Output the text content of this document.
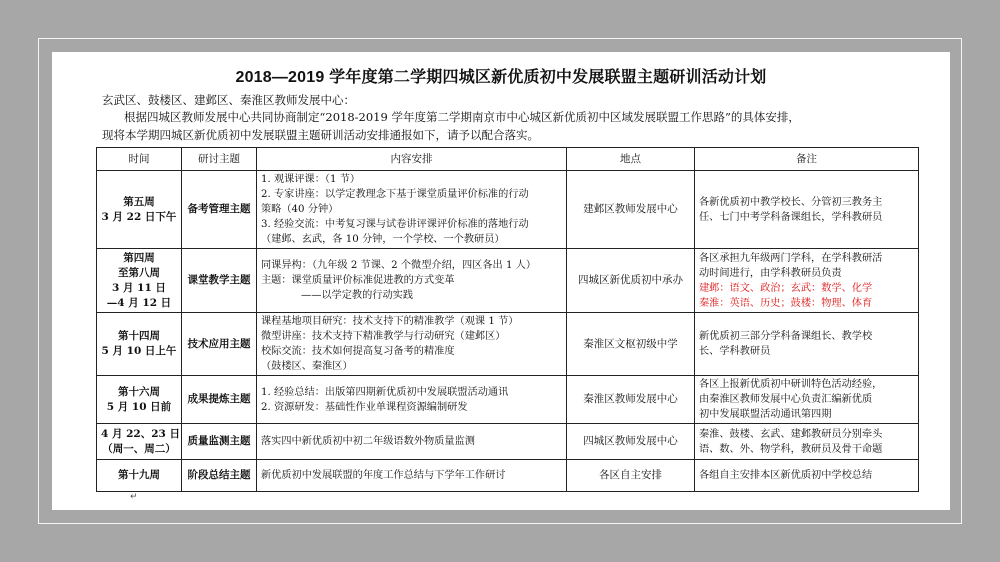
2018—2019 学年度第二学期四城区新优质初中发展联盟主题研训活动计划
玄武区、鼓楼区、建邺区、秦淮区教师发展中心：
根据四城区教师发展中心共同协商制定“2018-2019 学年度第二学期南京市中心城区新优质初中区域发展联盟工作思路”的具体安排，
现将本学期四城区新优质初中发展联盟主题研训活动安排通报如下，请予以配合落实。
时间	研讨主题	内容安排	地点	备注

第五周
3 月 22 日下午	备考管理主题	1. 观课评课：（1 节）
2. 专家讲座：以学定教理念下基于课堂质量评价标准的行动
策略（40 分钟）
3. 经验交流：中考复习课与试卷讲评课评价标准的落地行动
（建邺、玄武，各 10 分钟，一个学校、一个教研员）	建邺区教师发展中心	各新优质初中教学校长、分管初三教务主
任、七门中考学科备课组长，学科教研员

第四周
至第八周
3 月 11 日
—4 月 12 日	课堂教学主题	同课异构：（九年级 2 节课、2 个微型介绍，四区各出 1 人）
主题：课堂质量评价标准促进教的方式变革
——以学定教的行动实践	四城区新优质初中承办	各区承担九年级两门学科，在学科教研活
动时间进行，由学科教研员负责
建邺：语文、政治；玄武：数学、化学
秦淮：英语、历史；鼓楼：物理、体育

第十四周
5 月 10 日上午	技术应用主题	课程基地项目研究：技术支持下的精准教学（观课 1 节）
微型讲座：技术支持下精准教学与行动研究（建邺区）
校际交流：技术如何提高复习备考的精准度
（鼓楼区、秦淮区）	秦淮区文枢初级中学	新优质初三部分学科备课组长、教学校
长、学科教研员

第十六周
5 月 10 日前	成果提炼主题	1. 经验总结：出版第四期新优质初中发展联盟活动通讯
2. 资源研发：基础性作业单课程资源编制研发	秦淮区教师发展中心	各区上报新优质初中研训特色活动经验，
由秦淮区教师发展中心负责汇编新优质
初中发展联盟活动通讯第四期

4 月 22、23 日
（周一、周二）	质量监测主题	落实四中新优质初中初二年级语数外物质量监测	四城区教师发展中心	秦淮、鼓楼、玄武、建邺教研员分别牵头
语、数、外、物学科，教研员及骨干命题

第十九周	阶段总结主题	新优质初中发展联盟的年度工作总结与下学年工作研讨	各区自主安排	各组自主安排本区新优质初中学校总结
↵
